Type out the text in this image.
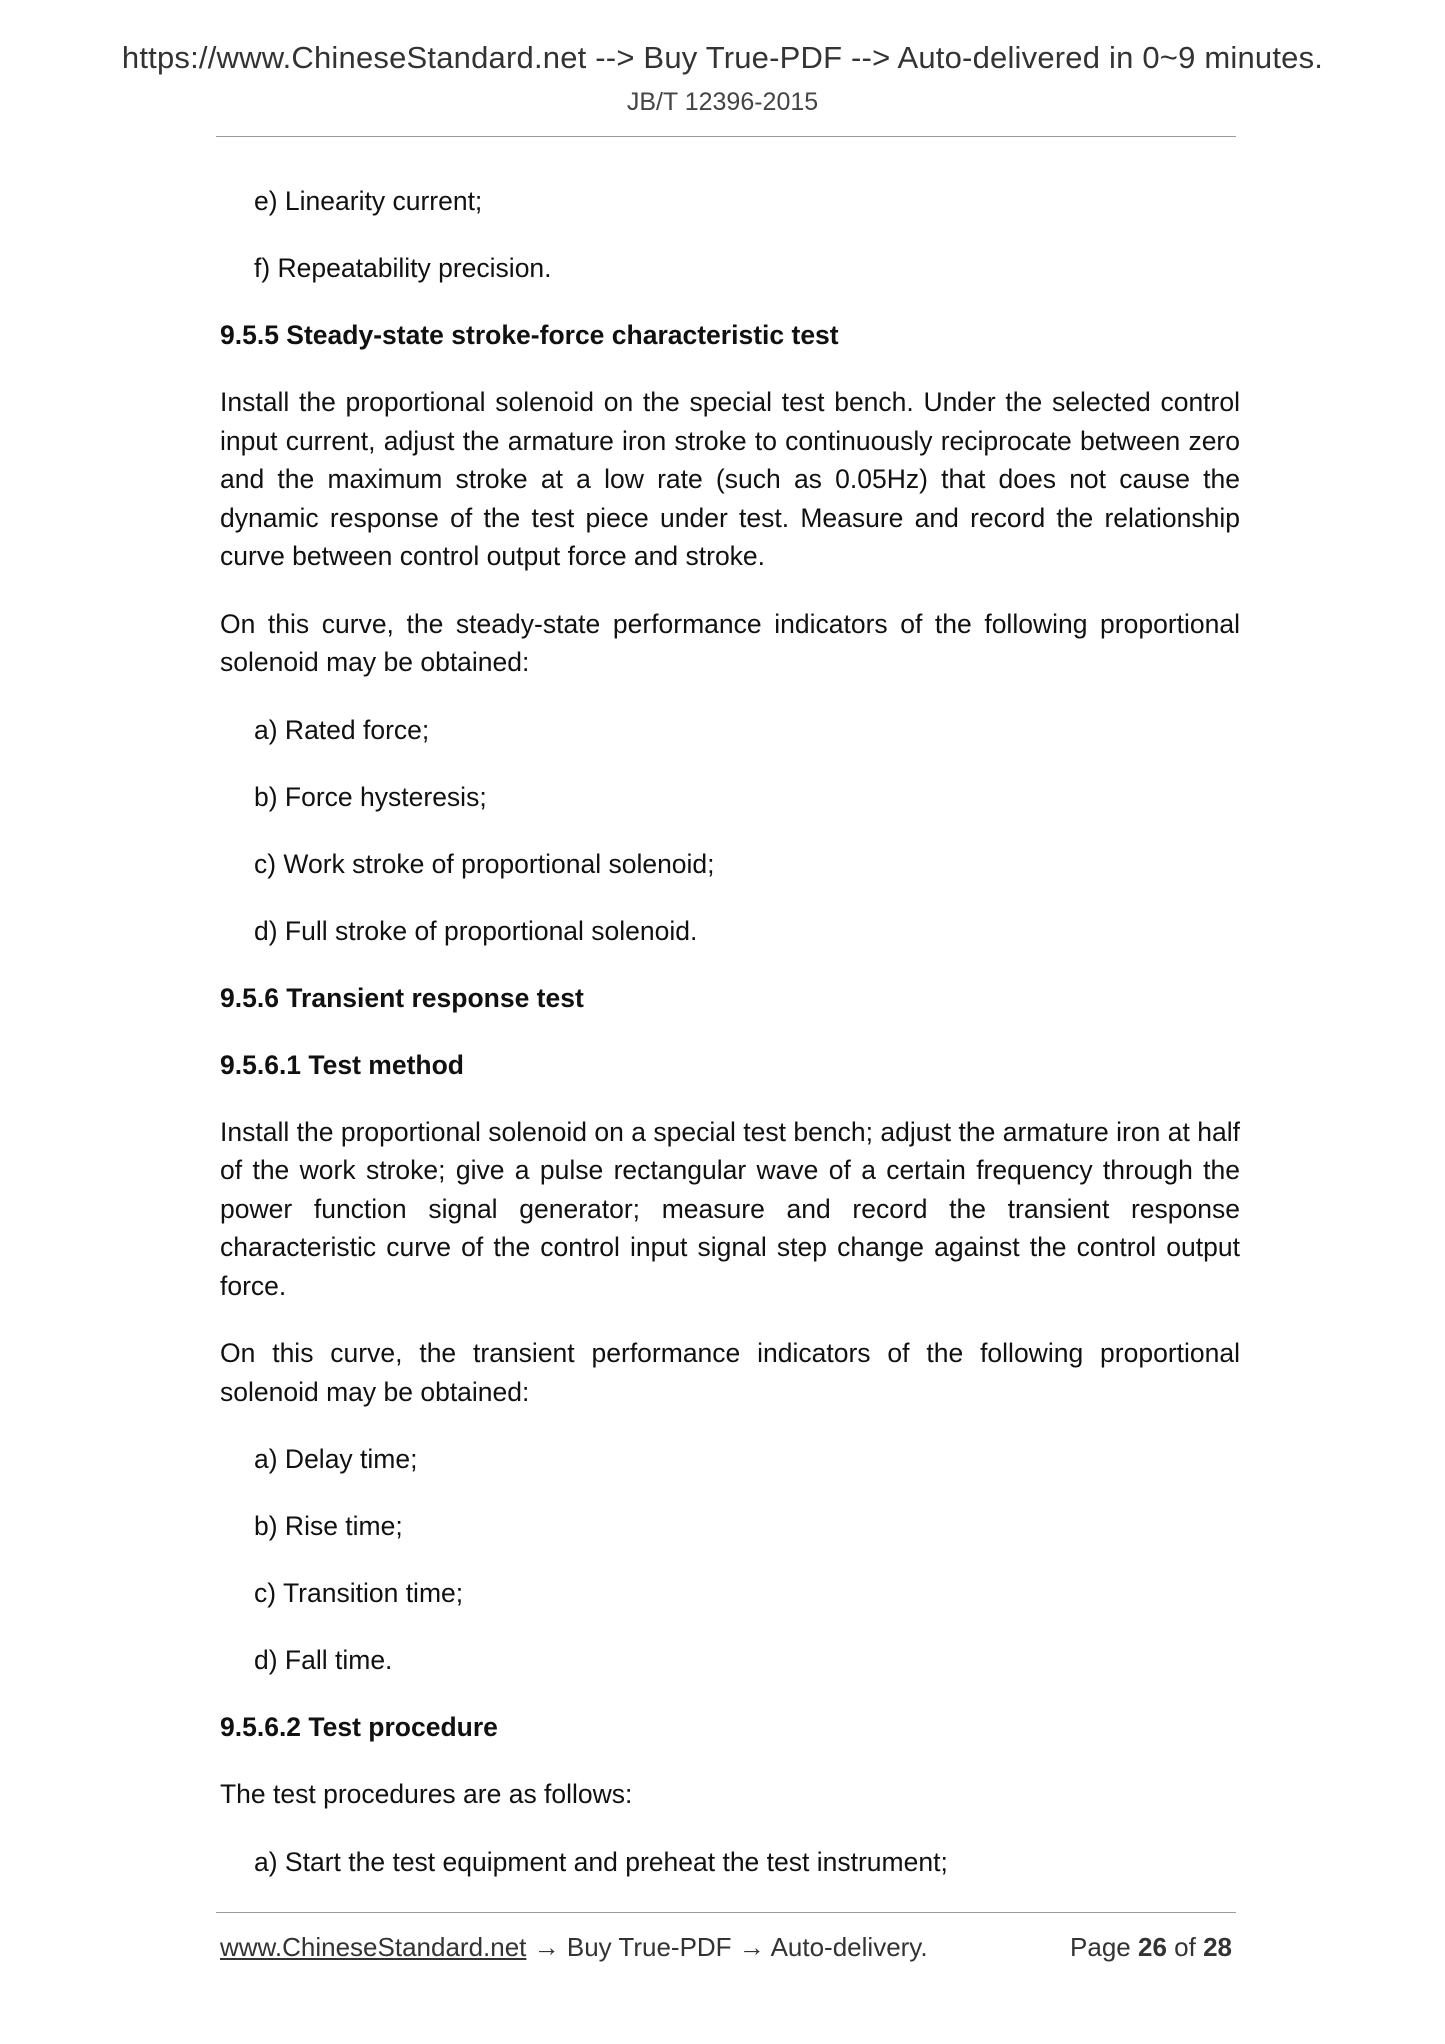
https://www.ChineseStandard.net --> Buy True-PDF --> Auto-delivered in 0~9 minutes.
JB/T 12396-2015
e) Linearity current;
f) Repeatability precision.
9.5.5 Steady-state stroke-force characteristic test
Install the proportional solenoid on the special test bench. Under the selected control input current, adjust the armature iron stroke to continuously reciprocate between zero and the maximum stroke at a low rate (such as 0.05Hz) that does not cause the dynamic response of the test piece under test. Measure and record the relationship curve between control output force and stroke.
On this curve, the steady-state performance indicators of the following proportional solenoid may be obtained:
a) Rated force;
b) Force hysteresis;
c) Work stroke of proportional solenoid;
d) Full stroke of proportional solenoid.
9.5.6 Transient response test
9.5.6.1 Test method
Install the proportional solenoid on a special test bench; adjust the armature iron at half of the work stroke; give a pulse rectangular wave of a certain frequency through the power function signal generator; measure and record the transient response characteristic curve of the control input signal step change against the control output force.
On this curve, the transient performance indicators of the following proportional solenoid may be obtained:
a) Delay time;
b) Rise time;
c) Transition time;
d) Fall time.
9.5.6.2 Test procedure
The test procedures are as follows:
a) Start the test equipment and preheat the test instrument;
www.ChineseStandard.net → Buy True-PDF → Auto-delivery.	Page 26 of 28
